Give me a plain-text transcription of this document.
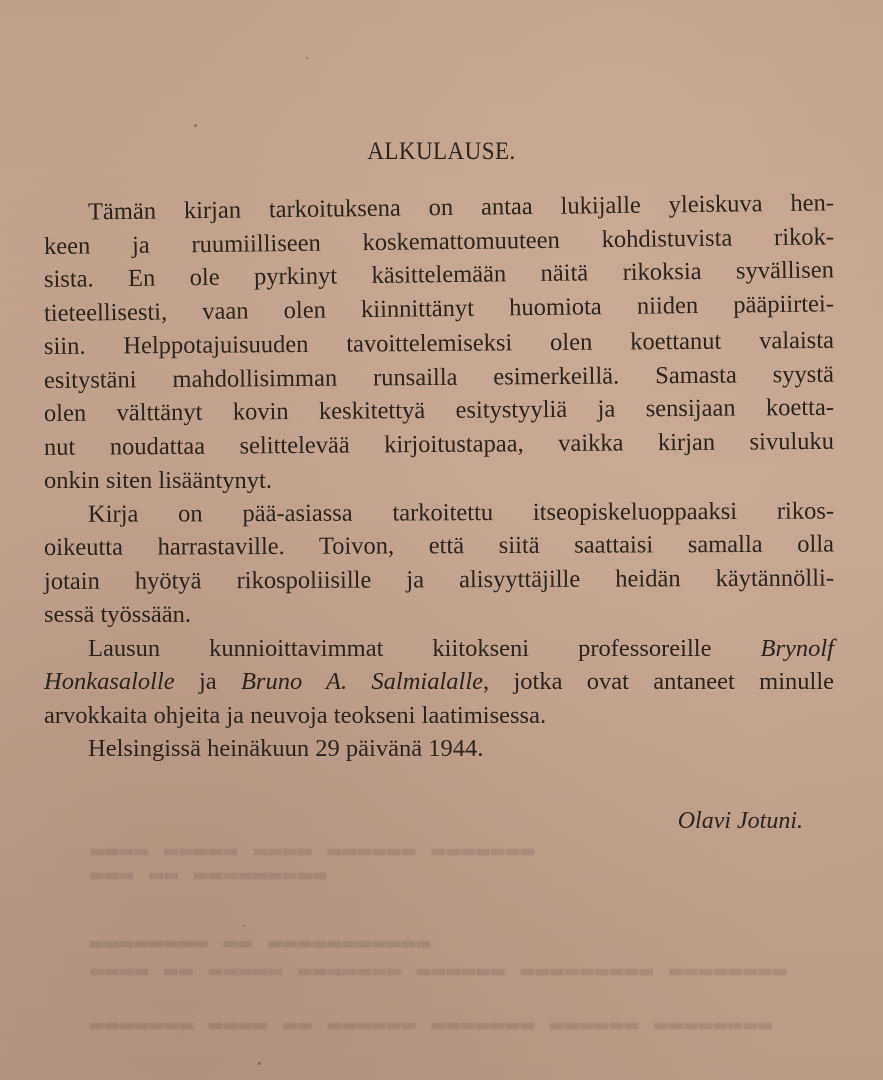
▬▬▬▬ ▬▬▬▬▬ ▬▬▬▬ ▬▬▬▬▬▬ ▬▬▬▬▬▬▬
▬▬▬ ▬▬ ▬▬▬▬▬▬▬▬▬
▬▬▬▬▬▬▬▬ ▬▬ ▬▬▬▬▬▬▬▬▬▬▬
▬▬▬▬ ▬▬ ▬▬▬▬▬ ▬▬▬▬▬▬▬ ▬▬▬▬▬▬ ▬▬▬▬▬▬▬▬▬ ▬▬▬▬▬▬▬▬
▬▬▬▬▬▬▬ ▬▬▬▬ ▬▬ ▬▬▬▬▬▬ ▬▬▬▬▬▬▬ ▬▬▬▬▬▬ ▬▬▬▬▬▬▬▬
ALKULAUSE.
Tämän kirjan tarkoituksena on antaa lukijalle yleiskuva hen-
keen ja ruumiilliseen koskemattomuuteen kohdistuvista rikok-
sista. En ole pyrkinyt käsittelemään näitä rikoksia syvällisen
tieteellisesti, vaan olen kiinnittänyt huomiota niiden pääpiirtei-
siin. Helppotajuisuuden tavoittelemiseksi olen koettanut valaista
esitystäni mahdollisimman runsailla esimerkeillä. Samasta syystä
olen välttänyt kovin keskitettyä esitystyyliä ja sensijaan koetta-
nut noudattaa selittelevää kirjoitustapaa, vaikka kirjan sivuluku
onkin siten lisääntynyt.
Kirja on pää-asiassa tarkoitettu itseopiskeluoppaaksi rikos-
oikeutta harrastaville. Toivon, että siitä saattaisi samalla olla
jotain hyötyä rikospoliisille ja alisyyttäjille heidän käytännölli-
sessä työssään.
Lausun kunnioittavimmat kiitokseni professoreille Brynolf
Honkasalolle ja Bruno A. Salmialalle, jotka ovat antaneet minulle
arvokkaita ohjeita ja neuvoja teokseni laatimisessa.
Helsingissä heinäkuun 29 päivänä 1944.
Olavi Jotuni.
